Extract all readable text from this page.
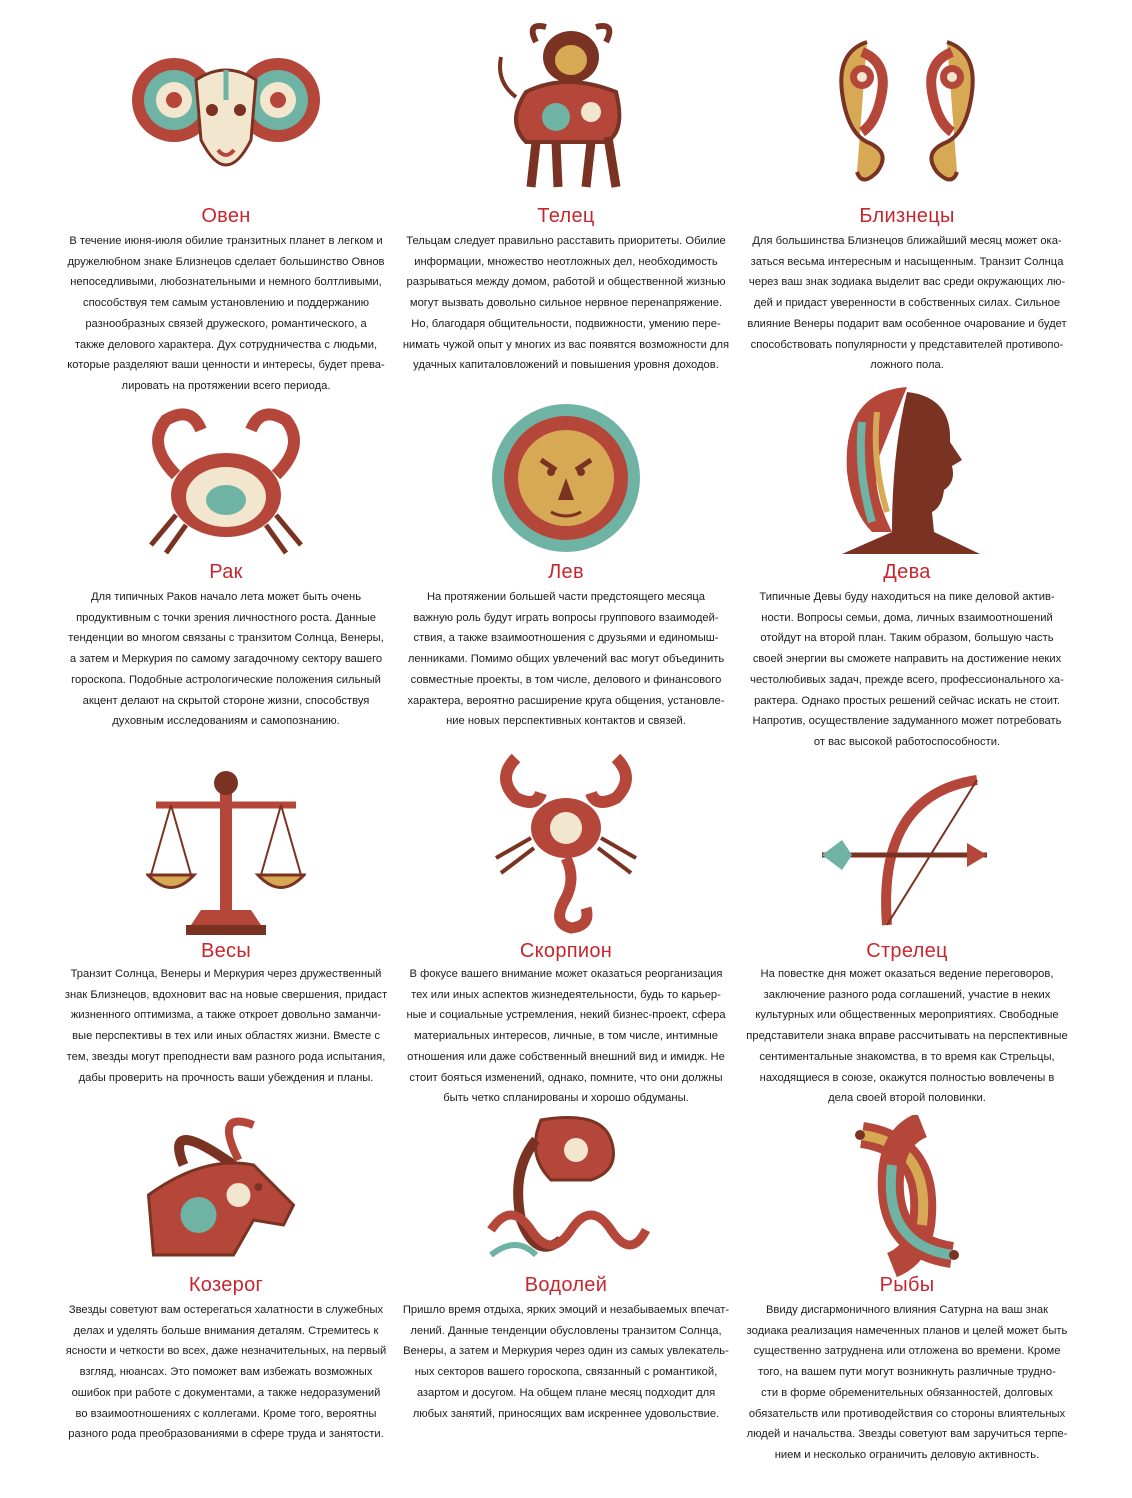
Овен
В течение июня-июля обилие транзитных планет в легком и
дружелюбном знаке Близнецов сделает большинство Овнов
непоседливыми, любознательными и немного болтливыми,
способствуя тем самым установлению и поддержанию
разнообразных связей дружеского, романтического, а
также делового характера. Дух сотрудничества с людьми,
которые разделяют ваши ценности и интересы, будет прева-
лировать на протяжении всего периода.
Телец
Тельцам следует правильно расставить приоритеты. Обилие
информации, множество неотложных дел, необходимость
разрываться между домом, работой и общественной жизнью
могут вызвать довольно сильное нервное перенапряжение.
Но, благодаря общительности, подвижности, умению пере-
нимать чужой опыт у многих из вас появятся возможности для
удачных капиталовложений и повышения уровня доходов.
Близнецы
Для большинства Близнецов ближайший месяц может ока-
заться весьма интересным и насыщенным. Транзит Солнца
через ваш знак зодиака выделит вас среди окружающих лю-
дей и придаст уверенности в собственных силах. Сильное
влияние Венеры подарит вам особенное очарование и будет
способствовать популярности у представителей противопо-
ложного пола.
Рак
Для типичных Раков начало лета может быть очень
продуктивным с точки зрения личностного роста. Данные
тенденции во многом связаны с транзитом Солнца, Венеры,
а затем и Меркурия по самому загадочному сектору вашего
гороскопа. Подобные астрологические положения сильный
акцент делают на скрытой стороне жизни, способствуя
духовным исследованиям и самопознанию.
Лев
На протяжении большей части предстоящего месяца
важную роль будут играть вопросы группового взаимодей-
ствия, а также взаимоотношения с друзьями и единомыш-
ленниками. Помимо общих увлечений вас могут объединить
совместные проекты, в том числе, делового и финансового
характера, вероятно расширение круга общения, установле-
ние новых перспективных контактов и связей.
Дева
Типичные Девы буду находиться на пике деловой актив-
ности. Вопросы семьи, дома, личных взаимоотношений
отойдут на второй план. Таким образом, большую часть
своей энергии вы сможете направить на достижение неких
честолюбивых задач, прежде всего, профессионального ха-
рактера. Однако простых решений сейчас искать не стоит.
Напротив, осуществление задуманного может потребовать
от вас высокой работоспособности.
Весы
Транзит Солнца, Венеры и Меркурия через дружественный
знак Близнецов, вдохновит вас на новые свершения, придаст
жизненного оптимизма, а также откроет довольно заманчи-
вые перспективы в тех или иных областях жизни. Вместе с
тем, звезды могут преподнести вам разного рода испытания,
дабы проверить на прочность ваши убеждения и планы.
Скорпион
В фокусе вашего внимание может оказаться реорганизация
тех или иных аспектов жизнедеятельности, будь то карьер-
ные и социальные устремления, некий бизнес-проект, сфера
материальных интересов, личные, в том числе, интимные
отношения или даже собственный внешний вид и имидж. Не
стоит бояться изменений, однако, помните, что они должны
быть четко спланированы и хорошо обдуманы.
Стрелец
На повестке дня может оказаться ведение переговоров,
заключение разного рода соглашений, участие в неких
культурных или общественных мероприятиях. Свободные
представители знака вправе рассчитывать на перспективные
сентиментальные знакомства, в то время как Стрельцы,
находящиеся в союзе, окажутся полностью вовлечены в
дела своей второй половинки.
Козерог
Звезды советуют вам остерегаться халатности в служебных
делах и уделять больше внимания деталям. Стремитесь к
ясности и четкости во всех, даже незначительных, на первый
взгляд, нюансах. Это поможет вам избежать возможных
ошибок при работе с документами, а также недоразумений
во взаимоотношениях с коллегами. Кроме того, вероятны
разного рода преобразованиями в сфере труда и занятости.
Водолей
Пришло время отдыха, ярких эмоций и незабываемых впечат-
лений. Данные тенденции обусловлены транзитом Солнца,
Венеры, а затем и Меркурия через один из самых увлекатель-
ных секторов вашего гороскопа, связанный с романтикой,
азартом и досугом. На общем плане месяц подходит для
любых занятий, приносящих вам искреннее удовольствие.
Рыбы
Ввиду дисгармоничного влияния Сатурна на ваш знак
зодиака реализация намеченных планов и целей может быть
существенно затруднена или отложена во времени. Кроме
того, на вашем пути могут возникнуть различные трудно-
сти в форме обременительных обязанностей, долговых
обязательств или противодействия со стороны влиятельных
людей и начальства. Звезды советуют вам заручиться терпе-
нием и несколько ограничить деловую активность.
